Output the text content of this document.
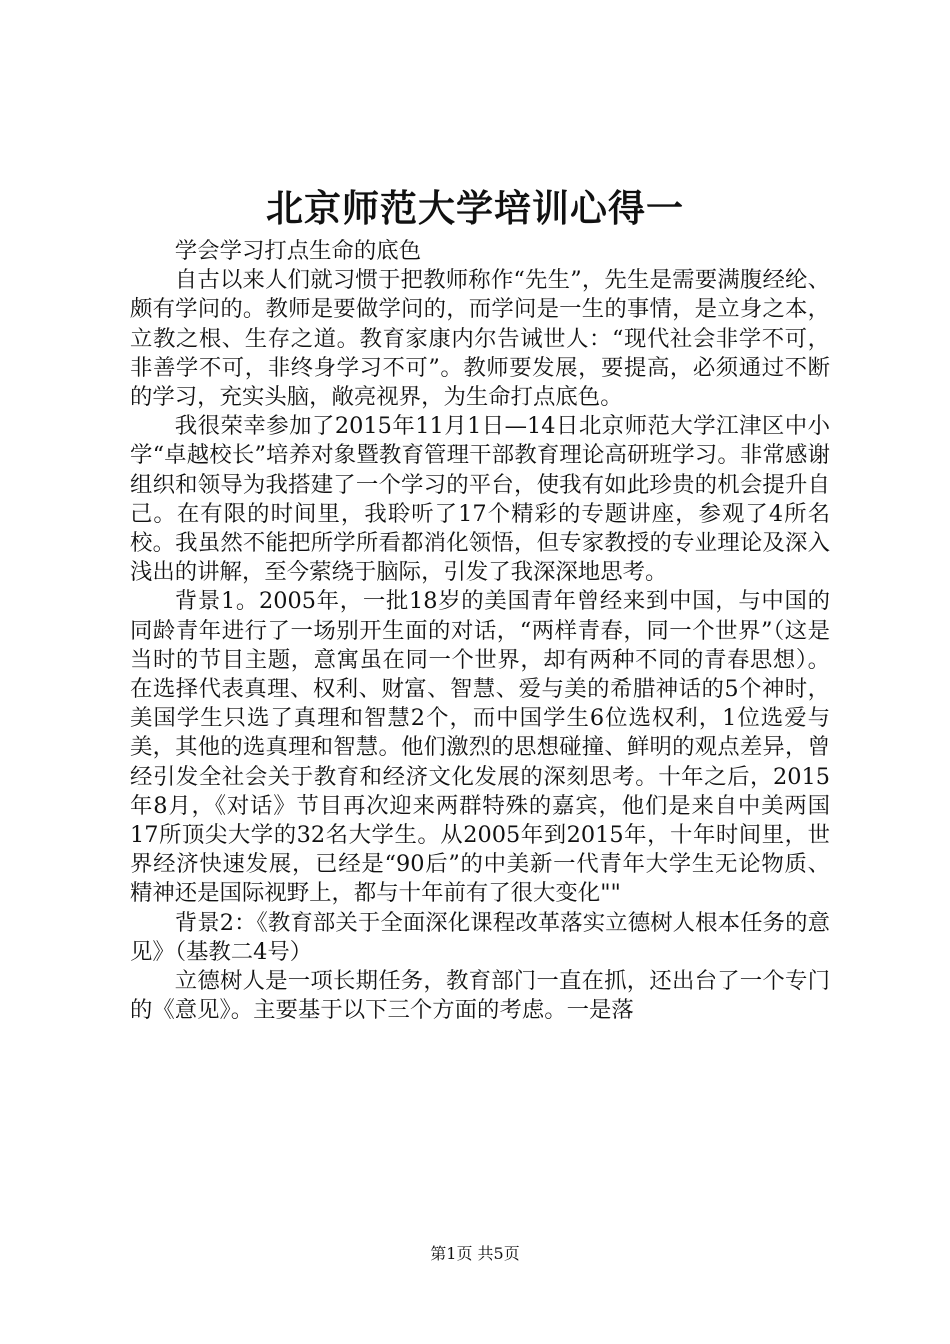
北京师范大学培训心得一

学会学习打点生命的底色

自古以来人们就习惯于把教师称作“先生”，先生是需要满腹经纶、颇有学问的。教师是要做学问的，而学问是一生的事情，是立身之本，立教之根、生存之道。教育家康内尔告诫世人：“现代社会非学不可，非善学不可，非终身学习不可”。教师要发展，要提高，必须通过不断的学习，充实头脑，敞亮视界，为生命打点底色。

我很荣幸参加了2015年11月1日—14日北京师范大学江津区中小学“卓越校长”培养对象暨教育管理干部教育理论高研班学习。非常感谢组织和领导为我搭建了一个学习的平台，使我有如此珍贵的机会提升自己。在有限的时间里，我聆听了17个精彩的专题讲座，参观了4所名校。我虽然不能把所学所看都消化领悟，但专家教授的专业理论及深入浅出的讲解，至今萦绕于脑际，引发了我深深地思考。

背景1。2005年，一批18岁的美国青年曾经来到中国，与中国的同龄青年进行了一场别开生面的对话，“两样青春，同一个世界”（这是当时的节目主题，意寓虽在同一个世界，却有两种不同的青春思想）。在选择代表真理、权利、财富、智慧、爱与美的希腊神话的5个神时，美国学生只选了真理和智慧2个，而中国学生6位选权利，1位选爱与美，其他的选真理和智慧。他们激烈的思想碰撞、鲜明的观点差异，曾经引发全社会关于教育和经济文化发展的深刻思考。十年之后，2015年8月，《对话》节目再次迎来两群特殊的嘉宾，他们是来自中美两国17所顶尖大学的32名大学生。从2005年到2015年，十年时间里，世界经济快速发展，已经是“90后”的中美新一代青年大学生无论物质、精神还是国际视野上，都与十年前有了很大变化""

背景2：《教育部关于全面深化课程改革落实立德树人根本任务的意见》（基教二4号）

立德树人是一项长期任务，教育部门一直在抓，还出台了一个专门的《意见》。主要基于以下三个方面的考虑。一是落

第1页 共5页
